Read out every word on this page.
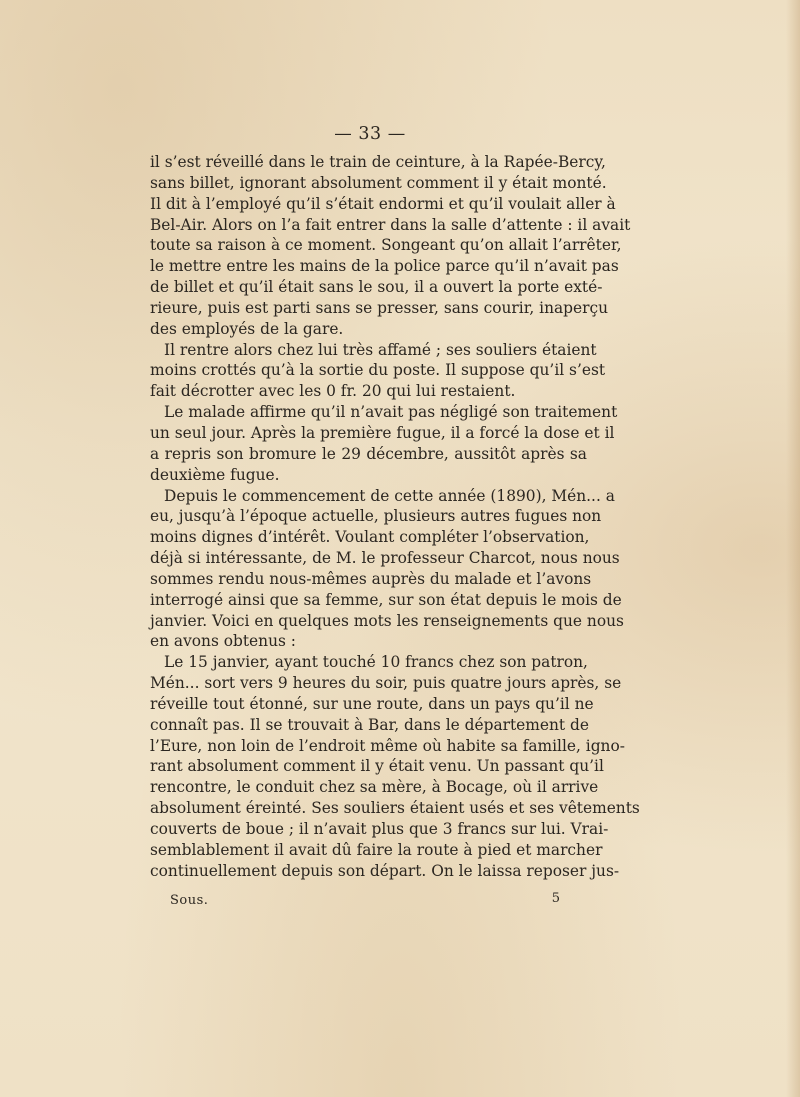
— 33 —
il s’est réveillé dans le train de ceinture, à la Rapée-Bercy,
sans billet, ignorant absolument comment il y était monté.
Il dit à l’employé qu’il s’était endormi et qu’il voulait aller à
Bel-Air. Alors on l’a fait entrer dans la salle d’attente : il avait
toute sa raison à ce moment. Songeant qu’on allait l’arrêter,
le mettre entre les mains de la police parce qu’il n’avait pas
de billet et qu’il était sans le sou, il a ouvert la porte exté-
rieure, puis est parti sans se presser, sans courir, inaperçu
des employés de la gare.
Il rentre alors chez lui très affamé ; ses souliers étaient
moins crottés qu’à la sortie du poste. Il suppose qu’il s’est
fait décrotter avec les 0 fr. 20 qui lui restaient.
Le malade affirme qu’il n’avait pas négligé son traitement
un seul jour. Après la première fugue, il a forcé la dose et il
a repris son bromure le 29 décembre, aussitôt après sa
deuxième fugue.
Depuis le commencement de cette année (1890), Mén... a
eu, jusqu’à l’époque actuelle, plusieurs autres fugues non
moins dignes d’intérêt. Voulant compléter l’observation,
déjà si intéressante, de M. le professeur Charcot, nous nous
sommes rendu nous-mêmes auprès du malade et l’avons
interrogé ainsi que sa femme, sur son état depuis le mois de
janvier. Voici en quelques mots les renseignements que nous
en avons obtenus :
Le 15 janvier, ayant touché 10 francs chez son patron,
Mén... sort vers 9 heures du soir, puis quatre jours après, se
réveille tout étonné, sur une route, dans un pays qu’il ne
connaît pas. Il se trouvait à Bar, dans le département de
l’Eure, non loin de l’endroit même où habite sa famille, igno-
rant absolument comment il y était venu. Un passant qu’il
rencontre, le conduit chez sa mère, à Bocage, où il arrive
absolument éreinté. Ses souliers étaient usés et ses vêtements
couverts de boue ; il n’avait plus que 3 francs sur lui. Vrai-
semblablement il avait dû faire la route à pied et marcher
continuellement depuis son départ. On le laissa reposer jus-
Sous.	5
